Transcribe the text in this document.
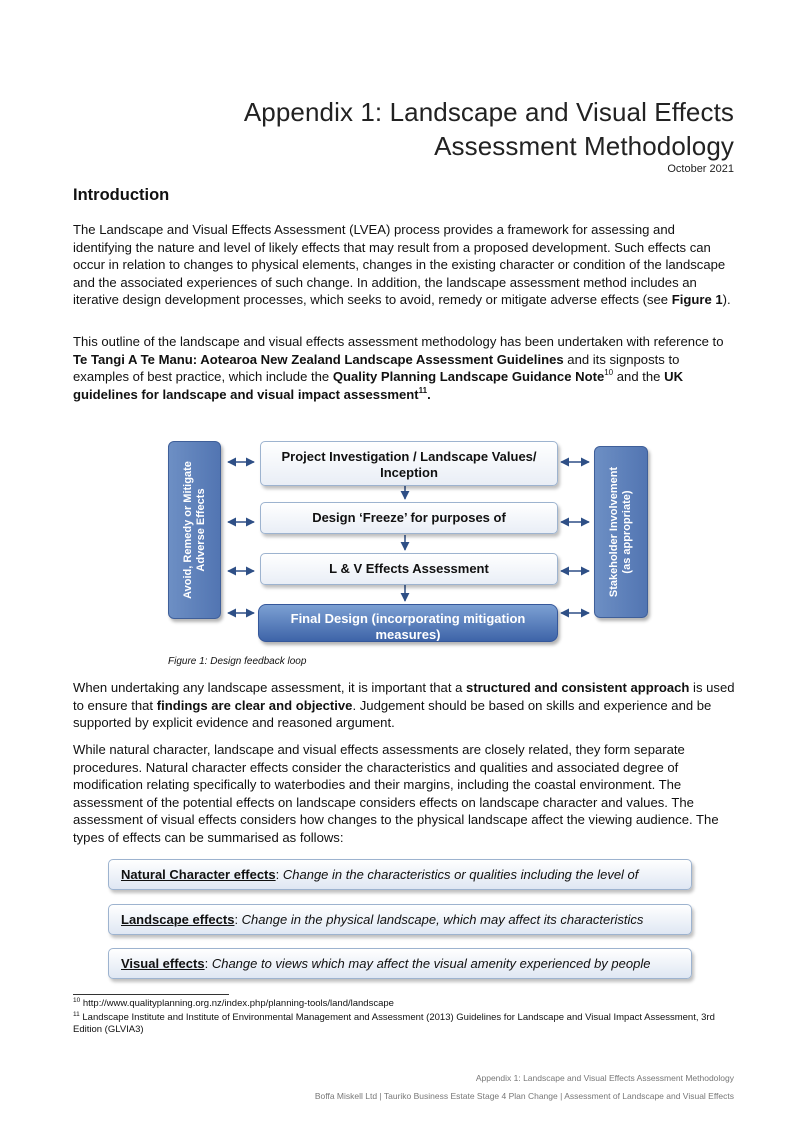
Appendix 1: Landscape and Visual Effects
Assessment Methodology
October 2021
Introduction

The Landscape and Visual Effects Assessment (LVEA) process provides a framework for assessing and identifying the nature and level of likely effects that may result from a proposed development. Such effects can occur in relation to changes to physical elements, changes in the existing character or condition of the landscape and the associated experiences of such change. In addition, the landscape assessment method includes an iterative design development processes, which seeks to avoid, remedy or mitigate adverse effects (see Figure 1).

This outline of the landscape and visual effects assessment methodology has been undertaken with reference to Te Tangi A Te Manu: Aotearoa New Zealand Landscape Assessment Guidelines and its signposts to examples of best practice, which include the Quality Planning Landscape Guidance Note$^{10}$ and the UK guidelines for landscape and visual impact assessment$^{11}$.

Avoid, Remedy or Mitigate
Adverse Effects
Stakeholder Involvement
(as appropriate)
Project Investigation / Landscape Values/ Inception
Design ‘Freeze’ for purposes of
L & V Effects Assessment
Final Design (incorporating mitigation measures)
Figure 1: Design feedback loop

When undertaking any landscape assessment, it is important that a structured and consistent approach is used to ensure that findings are clear and objective. Judgement should be based on skills and experience and be supported by explicit evidence and reasoned argument.

While natural character, landscape and visual effects assessments are closely related, they form separate procedures. Natural character effects consider the characteristics and qualities and associated degree of modification relating specifically to waterbodies and their margins, including the coastal environment. The assessment of the potential effects on landscape considers effects on landscape character and values. The assessment of visual effects considers how changes to the physical landscape affect the viewing audience. The types of effects can be summarised as follows:

Natural Character effects: Change in the characteristics or qualities including the level of
Landscape effects: Change in the physical landscape, which may affect its characteristics
Visual effects: Change to views which may affect the visual amenity experienced by people
$^{10}$ http://www.qualityplanning.org.nz/index.php/planning-tools/land/landscape
$^{11}$ Landscape Institute and Institute of Environmental Management and Assessment (2013) Guidelines for Landscape and Visual Impact Assessment, 3rd Edition (GLVIA3)
Appendix 1: Landscape and Visual Effects Assessment Methodology
Boffa Miskell Ltd | Tauriko Business Estate Stage 4 Plan Change | Assessment of Landscape and Visual Effects
